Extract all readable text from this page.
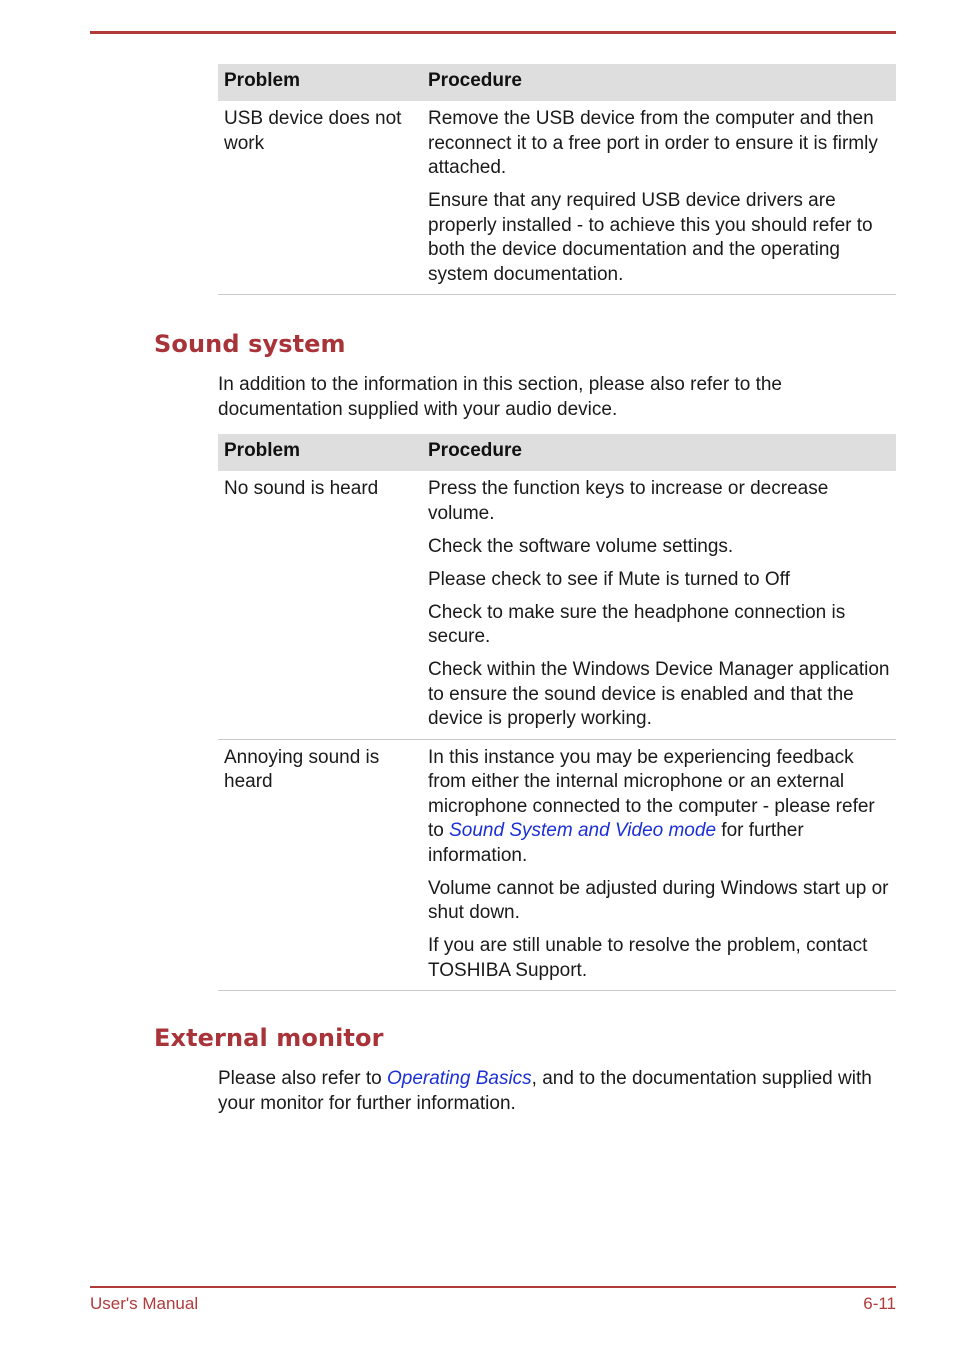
Problem	Procedure
USB device does not work	Remove the USB device from the computer and then reconnect it to a free port in order to ensure it is firmly attached.

Ensure that any required USB device drivers are properly installed - to achieve this you should refer to both the device documentation and the operating system documentation.

Sound system

In addition to the information in this section, please also refer to the documentation supplied with your audio device.

Problem	Procedure
No sound is heard	Press the function keys to increase or decrease volume.

Check the software volume settings.

Please check to see if Mute is turned to Off

Check to make sure the headphone connection is secure.

Check within the Windows Device Manager application to ensure the sound device is enabled and that the device is properly working.

Annoying sound is heard	In this instance you may be experiencing feedback from either the internal microphone or an external microphone connected to the computer - please refer to Sound System and Video mode for further information.

Volume cannot be adjusted during Windows start up or shut down.

If you are still unable to resolve the problem, contact TOSHIBA Support.

External monitor

Please also refer to Operating Basics, and to the documentation supplied with your monitor for further information.

User's Manual	6-11
